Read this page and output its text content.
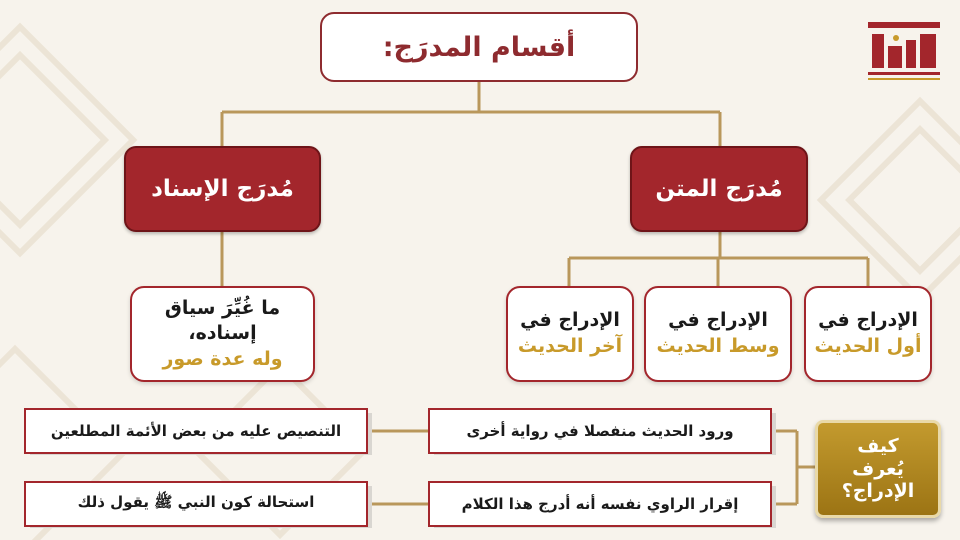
أقسام المدرَج:
مُدرَج الإسناد	مُدرَج المتن
ما غُيِّرَ سياق
إسناده،
وله عدة صور
الإدراج في
أول الحديث
الإدراج في
وسط الحديث
الإدراج في
آخر الحديث
ورود الحديث منفصلا في رواية أخرى
التنصيص عليه من بعض الأئمة المطلعين
إقرار الراوي نفسه أنه أدرج هذا الكلام
استحالة كون النبي ﷺ يقول ذلك
كيف
يُعرف
الإدراج؟
